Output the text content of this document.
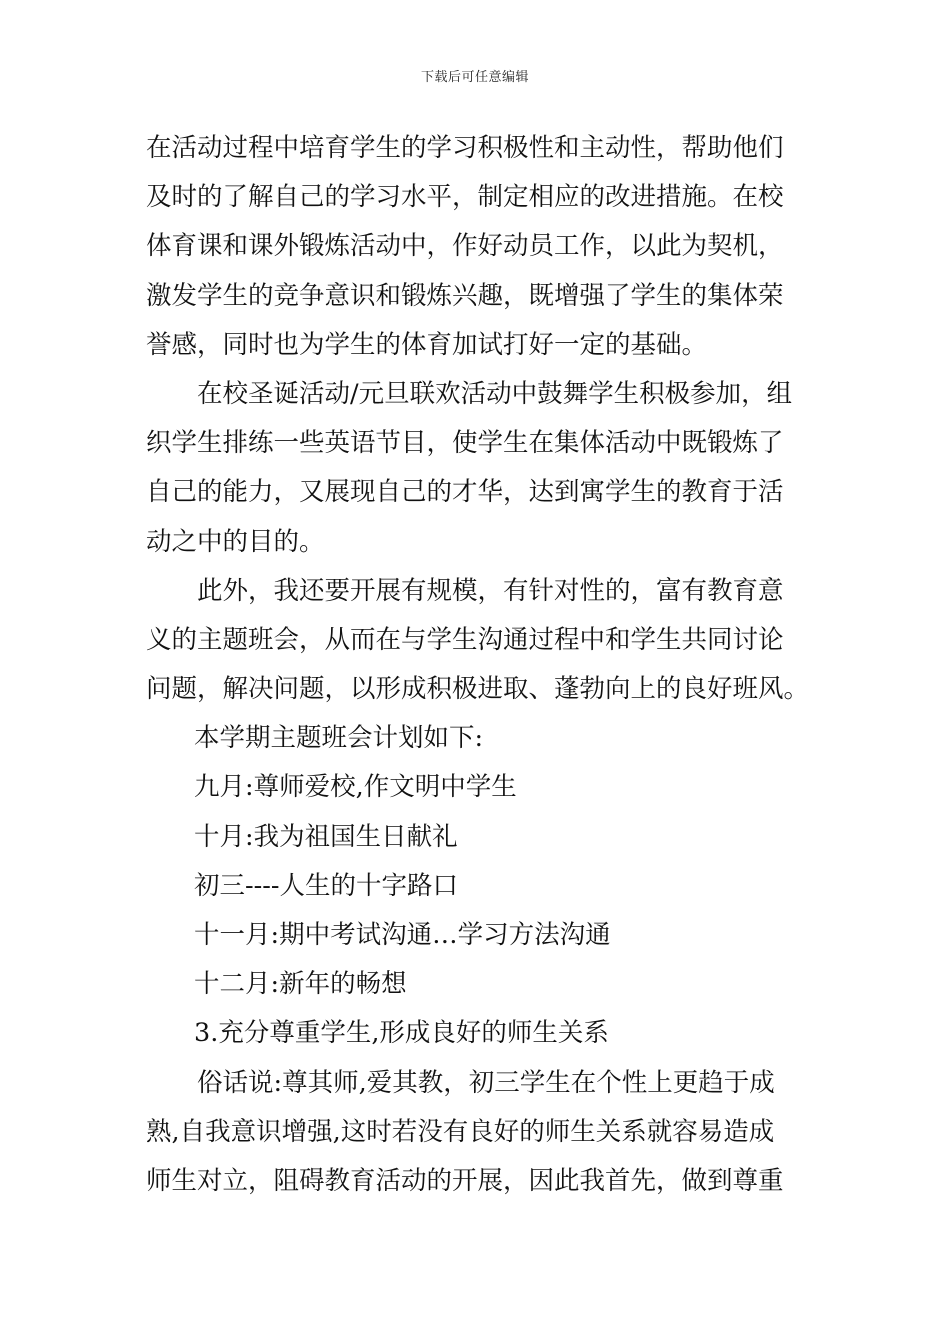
下载后可任意编辑
在活动过程中培育学生的学习积极性和主动性，帮助他们
及时的了解自己的学习水平，制定相应的改进措施。在校
体育课和课外锻炼活动中，作好动员工作，以此为契机，
激发学生的竞争意识和锻炼兴趣，既增强了学生的集体荣
誉感，同时也为学生的体育加试打好一定的基础。
在校圣诞活动/元旦联欢活动中鼓舞学生积极参加，组
织学生排练一些英语节目，使学生在集体活动中既锻炼了
自己的能力，又展现自己的才华，达到寓学生的教育于活
动之中的目的。
此外，我还要开展有规模，有针对性的，富有教育意
义的主题班会，从而在与学生沟通过程中和学生共同讨论
问题，解决问题，以形成积极进取、蓬勃向上的良好班风。
本学期主题班会计划如下:
九月:尊师爱校,作文明中学生
十月:我为祖国生日献礼
初三----人生的十字路口
十一月:期中考试沟通…学习方法沟通
十二月:新年的畅想
3.充分尊重学生,形成良好的师生关系
俗话说:尊其师,爱其教，初三学生在个性上更趋于成
熟,自我意识增强,这时若没有良好的师生关系就容易造成
师生对立，阻碍教育活动的开展，因此我首先，做到尊重
